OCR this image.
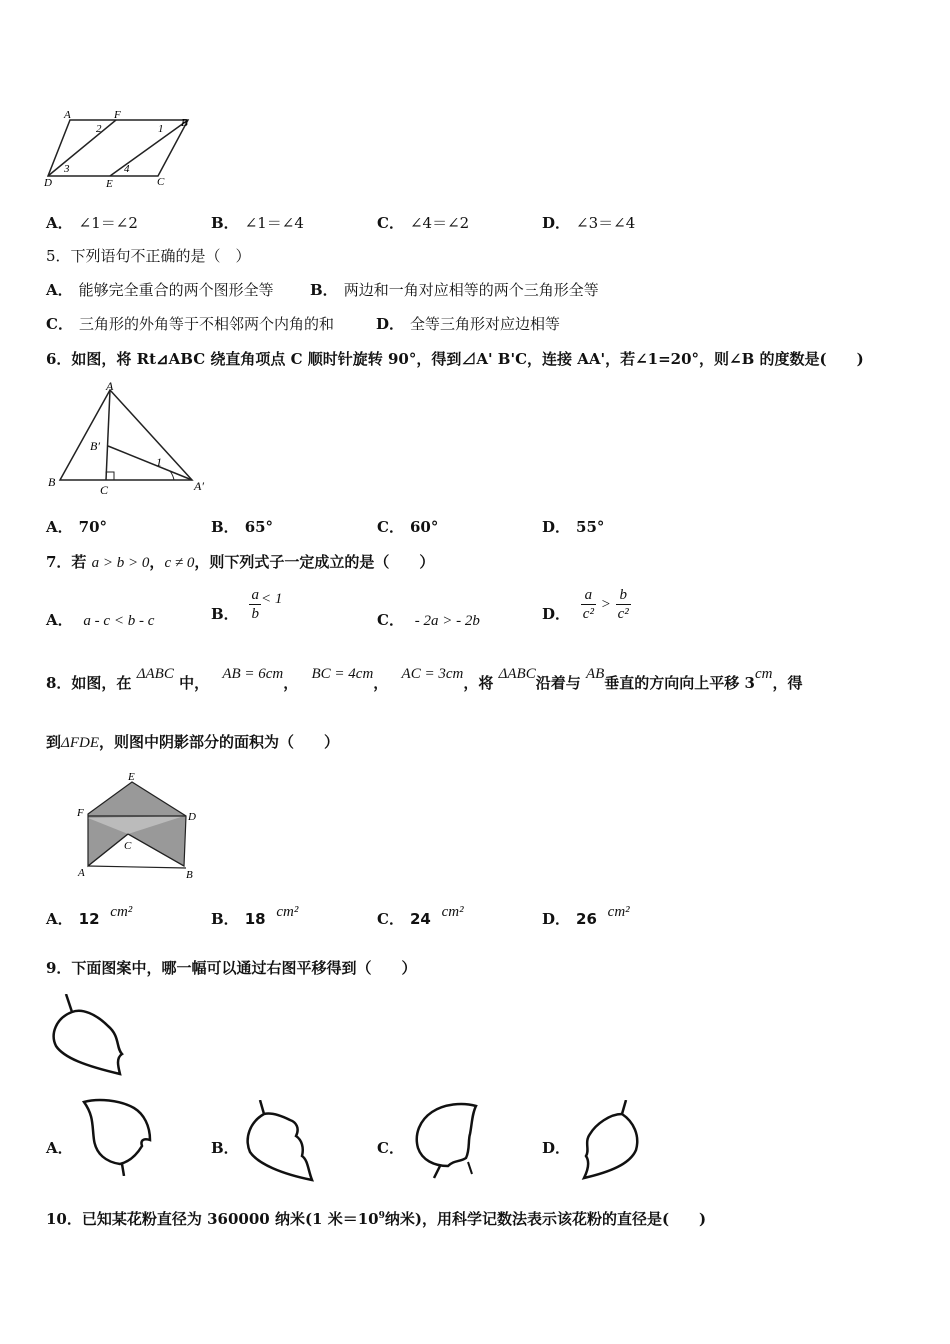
A	F
B
D	E	C
1
2
3	4
A． ∠1＝∠2	B． ∠1＝∠4	C． ∠4＝∠2	D． ∠3＝∠4
5．下列语句不正确的是（　）
A． 能够完全重合的两个图形全等 B． 两边和一角对应相等的两个三角形全等
C． 三角形的外角等于不相邻两个内角的和	D． 全等三角形对应边相等
6．如图，将 Rt⊿ABC 绕直角项点 C 顺时针旋转 90°，得到⊿A' B'C，连接 AA'，若∠1=20°，则∠B 的度数是(　　)
A
B
C
B′
A′
1
A． 70°	B． 65°	C． 60°	D． 55°
7．若 a > b > 0，c ≠ 0，则下列式子一定成立的是（　　）
A． a - c < b - c	B． $\frac{a}{b} < 1$
C． - 2a > - 2b	D． $\frac{a}{\text{c²}} > \frac{b}{\text{c²}}$
8．如图，在 ΔABC 中， AB = 6cm， BC = 4cm， AC = 3cm，将 ΔABC沿着与 AB垂直的方向向上平移 3cm，得
到ΔFDE，则图中阴影部分的面积为（　　）
E
F	D
C
A	B
A． 12 cm²	B． 18 cm²	C． 24 cm²	D． 26 cm²
9．下面图案中，哪一幅可以通过右图平移得到（　　）
A．	B．	C．	D．
10．已知某花粉直径为 360000 纳米(1 米$=10^9$纳米)，用科学记数法表示该花粉的直径是(　　)
